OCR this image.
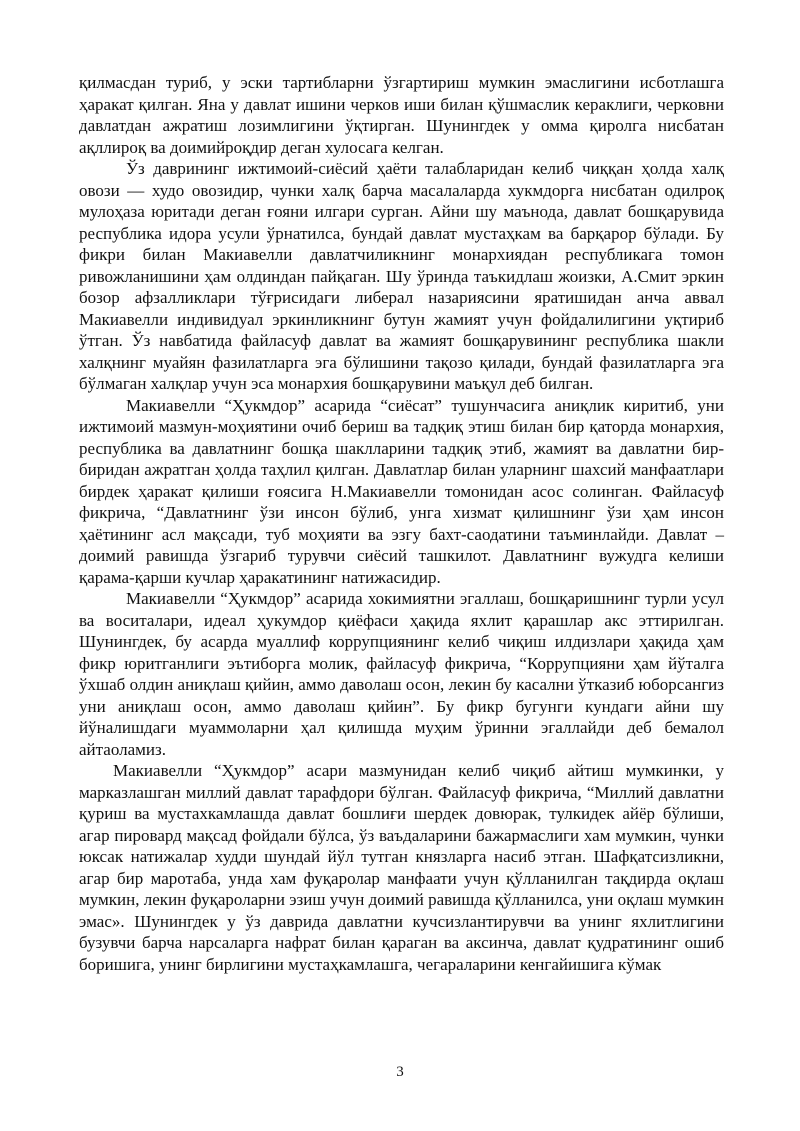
қилмасдан туриб, у эски тартибларни ўзгартириш мумкин эмаслигини исботлашга ҳаракат қилган. Яна у давлат ишини черков иши билан қўшмаслик кераклиги, черковни давлатдан ажратиш лозимлигини ўқтирган. Шунингдек у омма қиролга нисбатан ақллироқ ва доимийроқдир деган хулосага келган.

Ўз даврининг ижтимоий-сиёсий ҳаёти талабларидан келиб чиққан ҳолда халқ овози — худо овозидир, чунки халқ барча масалаларда хукмдорга нисбатан одилроқ мулоҳаза юритади деган ғояни илгари сурган. Айни шу маънода, давлат бошқарувида республика идора усули ўрнатилса, бундай давлат мустаҳкам ва барқарор бўлади. Бу фикри билан Макиавелли давлатчиликнинг монархиядан республикага томон ривожланишини ҳам олдиндан пайқаган. Шу ўринда таъкидлаш жоизки, А.Смит эркин бозор афзалликлари тўғрисидаги либерал назариясини яратишидан анча аввал Макиавелли индивидуал эркинликнинг бутун жамият учун фойдалилигини уқтириб ўтган. Ўз навбатида файласуф давлат ва жамият бошқарувининг республика шакли халқнинг муайян фазилатларга эга бўлишини тақозо қилади, бундай фазилатларга эга бўлмаган халқлар учун эса монархия бошқарувини маъқул деб билган.

Макиавелли “Ҳукмдор” асарида “сиёсат” тушунчасига аниқлик киритиб, уни ижтимоий мазмун-моҳиятини очиб бериш ва тадқиқ этиш билан бир қаторда монархия, республика ва давлатнинг бошқа шаклларини тадқиқ этиб, жамият ва давлатни бир-биридан ажратган ҳолда таҳлил қилган. Давлатлар билан уларнинг шахсий манфаатлари бирдек ҳаракат қилиши ғоясига Н.Макиавелли томонидан асос солинган. Файласуф фикрича, “Давлатнинг ўзи инсон бўлиб, унга хизмат қилишнинг ўзи ҳам инсон ҳаётининг асл мақсади, туб моҳияти ва эзгу бахт-саодатини таъминлайди. Давлат – доимий равишда ўзгариб турувчи сиёсий ташкилот. Давлатнинг вужудга келиши қарама-қарши кучлар ҳаракатининг натижасидир.

Макиавелли “Ҳукмдор” асарида хокимиятни эгаллаш, бошқаришнинг турли усул ва воситалари, идеал ҳукумдор қиёфаси ҳақида яхлит қарашлар акс эттирилган. Шунингдек, бу асарда муаллиф коррупциянинг келиб чиқиш илдизлари ҳақида ҳам фикр юритганлиги эътиборга молик, файласуф фикрича, “Коррупцияни ҳам йўталга ўхшаб олдин аниқлаш қийин, аммо даволаш осон, лекин бу касални ўтказиб юборсангиз уни аниқлаш осон, аммо даволаш қийин”. Бу фикр бугунги кундаги айни шу йўналишдаги муаммоларни ҳал қилишда муҳим ўринни эгаллайди деб бемалол айтаоламиз.

Макиавелли “Ҳукмдор” асари мазмунидан келиб чиқиб айтиш мумкинки, у марказлашган миллий давлат тарафдори бўлган. Файласуф фикрича, “Миллий давлатни қуриш ва мустахкамлашда давлат бошлиғи шердек довюрак, тулкидек айёр бўлиши, агар пировард мақсад фойдали бўлса, ўз ваъдаларини бажармаслиги хам мумкин, чунки юксак натижалар худди шундай йўл тутган князларга насиб этган. Шафқатсизликни, агар бир маротаба, унда хам фуқаролар манфаати учун қўлланилган тақдирда оқлаш мумкин, лекин фуқароларни эзиш учун доимий равишда қўлланилса, уни оқлаш мумкин эмас». Шунингдек у ўз даврида давлатни кучсизлантирувчи ва унинг яхлитлигини бузувчи барча нарсаларга нафрат билан қараган ва аксинча, давлат қудратининг ошиб боришига, унинг бирлигини мустаҳкамлашга, чегараларини кенгайишига кўмак

3
